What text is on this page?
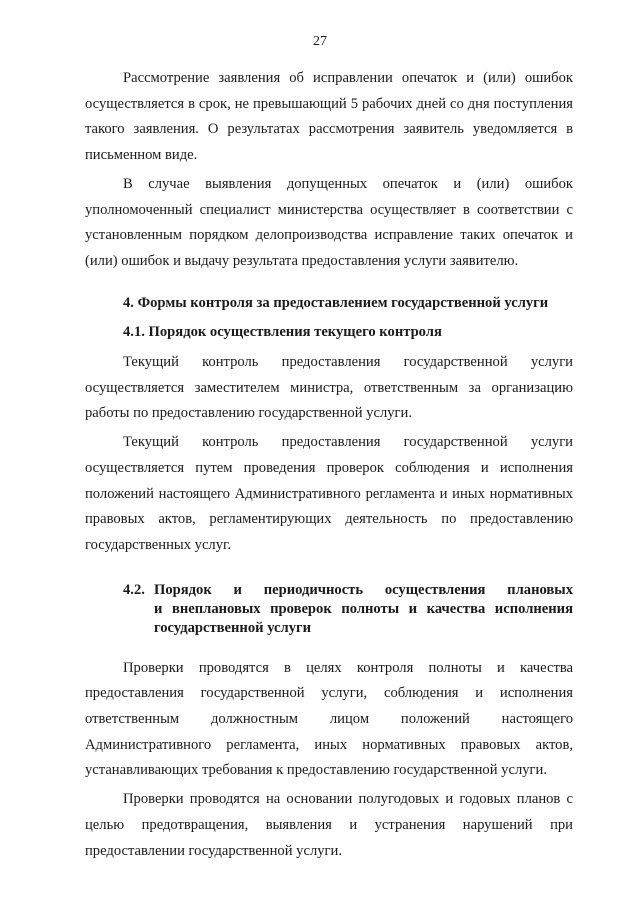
27

Рассмотрение заявления об исправлении опечаток и (или) ошибок осуществляется в срок, не превышающий 5 рабочих дней со дня поступления такого заявления. О результатах рассмотрения заявитель уведомляется в письменном виде.

В случае выявления допущенных опечаток и (или) ошибок уполномоченный специалист министерства осуществляет в соответствии с установленным порядком делопроизводства исправление таких опечаток и (или) ошибок и выдачу результата предоставления услуги заявителю.

4. Формы контроля за предоставлением государственной услуги
4.1. Порядок осуществления текущего контроля

Текущий контроль предоставления государственной услуги осуществляется заместителем министра, ответственным за организацию работы по предоставлению государственной услуги.

Текущий контроль предоставления государственной услуги осуществляется путем проведения проверок соблюдения и исполнения положений настоящего Административного регламента и иных нормативных правовых актов, регламентирующих деятельность по предоставлению государственных услуг.

4.2. Порядок и периодичность осуществления плановых
и внеплановых проверок полноты и качества исполнения
государственной услуги

Проверки проводятся в целях контроля полноты и качества предоставления государственной услуги, соблюдения и исполнения ответственным должностным лицом положений настоящего Административного регламента, иных нормативных правовых актов, устанавливающих требования к предоставлению государственной услуги.

Проверки проводятся на основании полугодовых и годовых планов с целью предотвращения, выявления и устранения нарушений при предоставлении государственной услуги.
